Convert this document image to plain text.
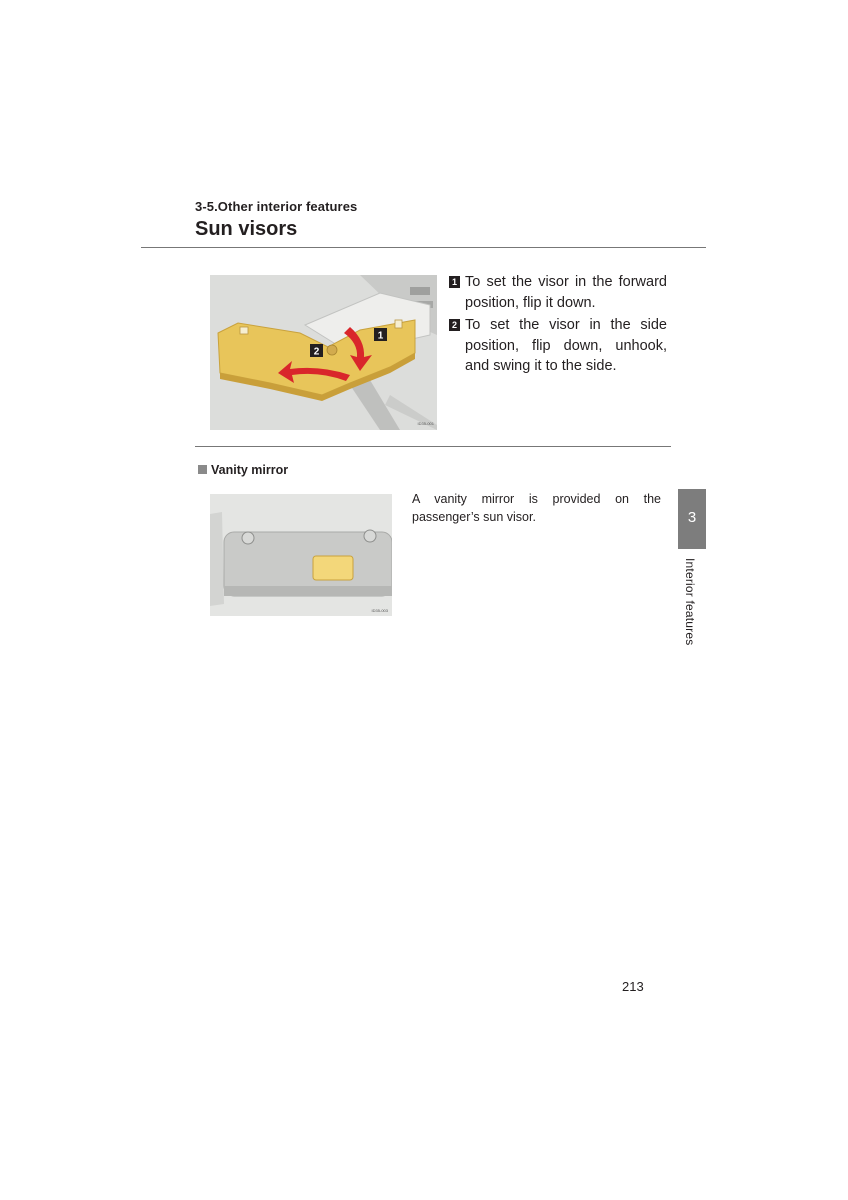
3-5.Other interior features
Sun visors
1
2
ID35-001
1 To set the visor in the forward position, flip it down.
2 To set the visor in the side position, flip down, unhook, and swing it to the side.
Vanity mirror
ID35-003

A vanity mirror is provided on the passenger’s sun visor.	3
Interior features
213
